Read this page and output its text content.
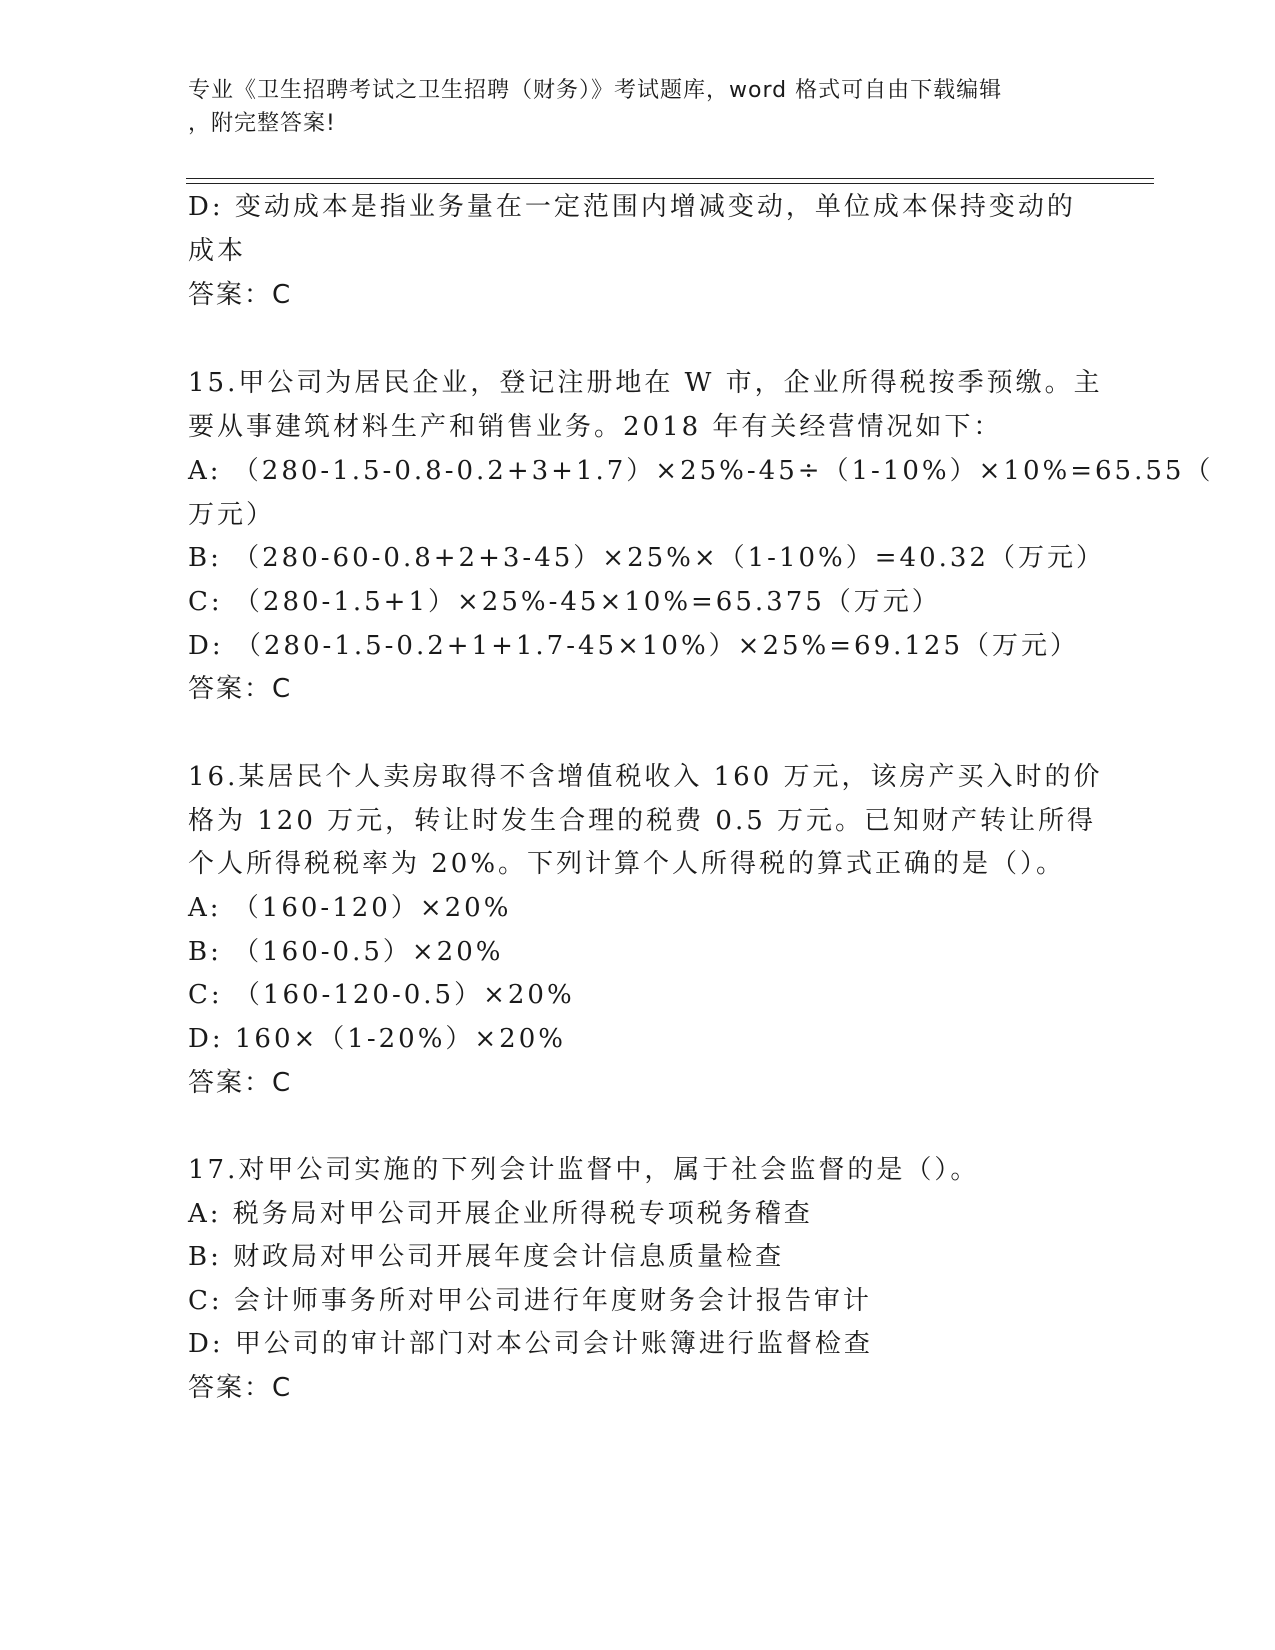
专业《卫生招聘考试之卫生招聘（财务）》考试题库，word 格式可自由下载编辑
，附完整答案!
D: 变动成本是指业务量在一定范围内增减变动，单位成本保持变动的
成本
答案：C
15.甲公司为居民企业，登记注册地在 W 市，企业所得税按季预缴。主
要从事建筑材料生产和销售业务。2018 年有关经营情况如下：
A: （280-1.5-0.8-0.2+3+1.7）×25%-45÷（1-10%）×10%=65.55（
万元）
B: （280-60-0.8+2+3-45）×25%×（1-10%）=40.32（万元）
C: （280-1.5+1）×25%-45×10%=65.375（万元）
D: （280-1.5-0.2+1+1.7-45×10%）×25%=69.125（万元）
答案：C
16.某居民个人卖房取得不含增值税收入 160 万元，该房产买入时的价
格为 120 万元，转让时发生合理的税费 0.5 万元。已知财产转让所得
个人所得税税率为 20%。下列计算个人所得税的算式正确的是（）。
A: （160-120）×20%
B: （160-0.5）×20%
C: （160-120-0.5）×20%
D: 160×（1-20%）×20%
答案：C
17.对甲公司实施的下列会计监督中，属于社会监督的是（）。
A: 税务局对甲公司开展企业所得税专项税务稽查
B: 财政局对甲公司开展年度会计信息质量检查
C: 会计师事务所对甲公司进行年度财务会计报告审计
D: 甲公司的审计部门对本公司会计账簿进行监督检查
答案：C
